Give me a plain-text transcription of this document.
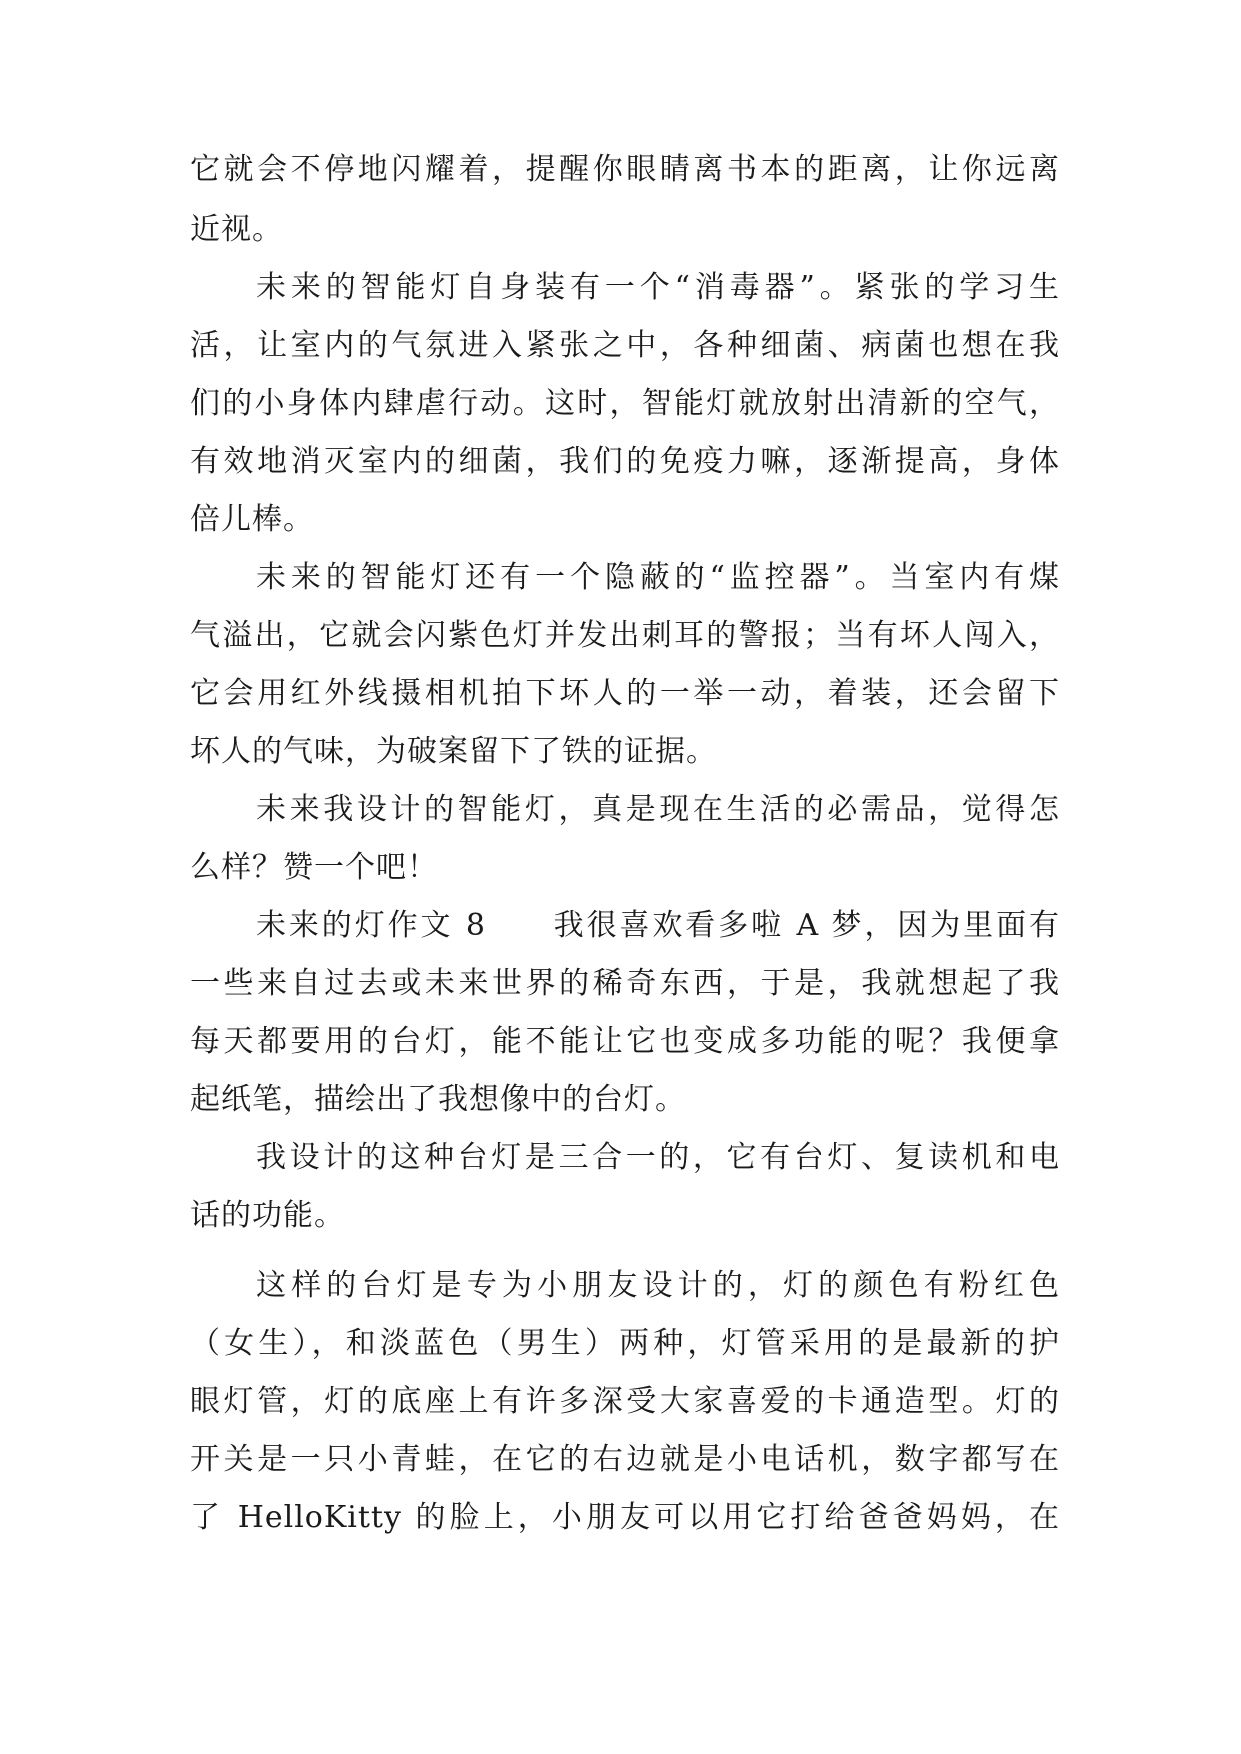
它就会不停地闪耀着，提醒你眼睛离书本的距离，让你远离
近视。
未来的智能灯自身装有一个“消毒器”。紧张的学习生
活，让室内的气氛进入紧张之中，各种细菌、病菌也想在我
们的小身体内肆虐行动。这时，智能灯就放射出清新的空气，
有效地消灭室内的细菌，我们的免疫力嘛，逐渐提高，身体
倍儿棒。
未来的智能灯还有一个隐蔽的“监控器”。当室内有煤
气溢出，它就会闪紫色灯并发出刺耳的警报；当有坏人闯入，
它会用红外线摄相机拍下坏人的一举一动，着装，还会留下
坏人的气味，为破案留下了铁的证据。
未来我设计的智能灯，真是现在生活的必需品，觉得怎
么样？赞一个吧！
未来的灯作文 8　　我很喜欢看多啦 A 梦，因为里面有
一些来自过去或未来世界的稀奇东西，于是，我就想起了我
每天都要用的台灯，能不能让它也变成多功能的呢？我便拿
起纸笔，描绘出了我想像中的台灯。
我设计的这种台灯是三合一的，它有台灯、复读机和电
话的功能。
这样的台灯是专为小朋友设计的，灯的颜色有粉红色
（女生），和淡蓝色（男生）两种，灯管采用的是最新的护
眼灯管，灯的底座上有许多深受大家喜爱的卡通造型。灯的
开关是一只小青蛙，在它的右边就是小电话机，数字都写在
了 HelloKitty 的脸上，小朋友可以用它打给爸爸妈妈，在
